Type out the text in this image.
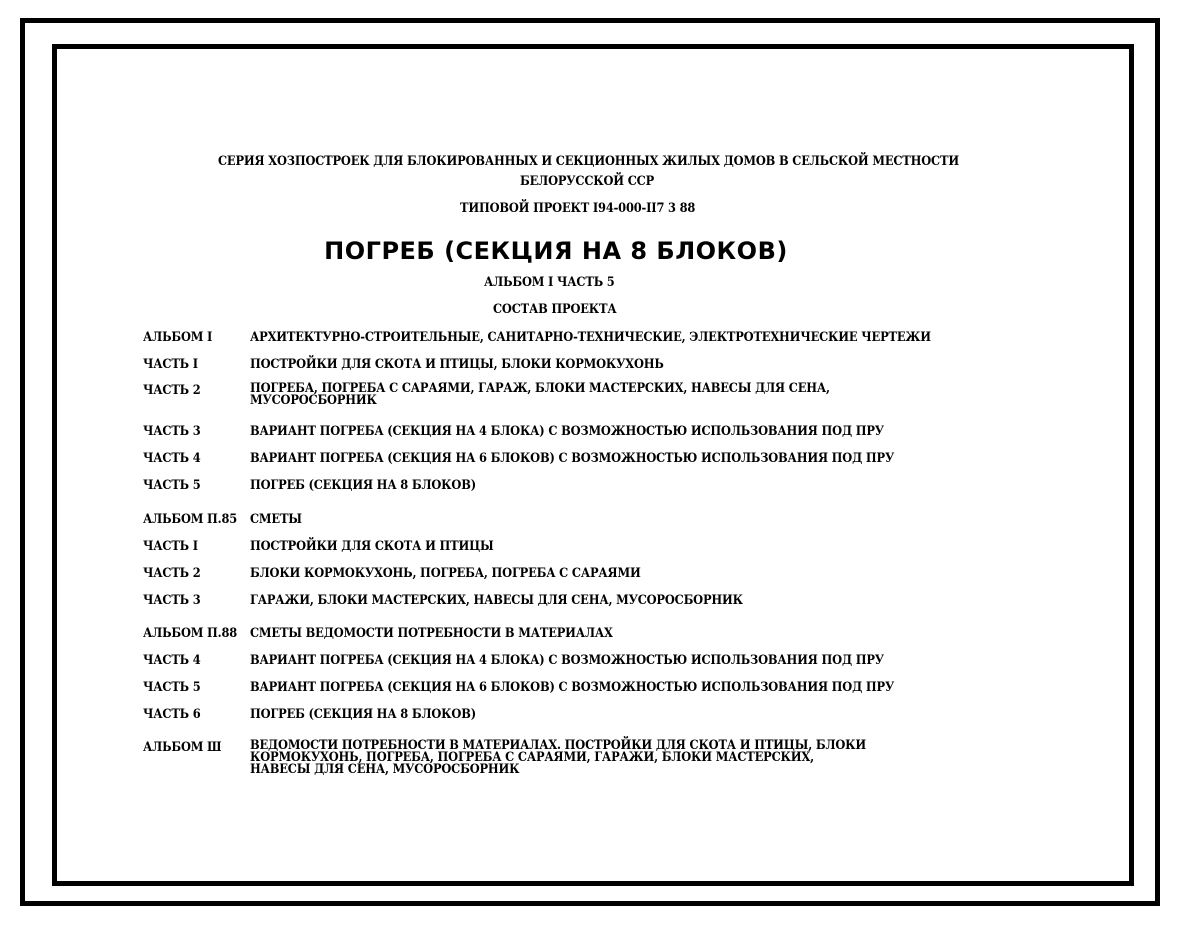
СЕРИЯ ХОЗПОСТРОЕК ДЛЯ БЛОКИРОВАННЫХ И СЕКЦИОННЫХ ЖИЛЫХ ДОМОВ В СЕЛЬСКОЙ МЕСТНОСТИ
БЕЛОРУССКОЙ ССР
ТИПОВОЙ ПРОЕКТ I94-000-II7 3 88
ПОГРЕБ (СЕКЦИЯ НА 8 БЛОКОВ)
АЛЬБОМ I ЧАСТЬ 5
СОСТАВ ПРОЕКТА
АЛЬБОМ I	АРХИТЕКТУРНО-СТРОИТЕЛЬНЫЕ, САНИТАРНО-ТЕХНИЧЕСКИЕ, ЭЛЕКТРОТЕХНИЧЕСКИЕ ЧЕРТЕЖИ
ЧАСТЬ I	ПОСТРОЙКИ ДЛЯ СКОТА И ПТИЦЫ, БЛОКИ КОРМОКУХОНЬ
ЧАСТЬ 2	ПОГРЕБА, ПОГРЕБА С САРАЯМИ, ГАРАЖ, БЛОКИ МАСТЕРСКИХ, НАВЕСЫ ДЛЯ СЕНА,
МУСОРОСБОРНИК
ЧАСТЬ 3	ВАРИАНТ ПОГРЕБА (СЕКЦИЯ НА 4 БЛОКА) С ВОЗМОЖНОСТЬЮ ИСПОЛЬЗОВАНИЯ ПОД ПРУ
ЧАСТЬ 4	ВАРИАНТ ПОГРЕБА (СЕКЦИЯ НА 6 БЛОКОВ) С ВОЗМОЖНОСТЬЮ ИСПОЛЬЗОВАНИЯ ПОД ПРУ
ЧАСТЬ 5	ПОГРЕБ (СЕКЦИЯ НА 8 БЛОКОВ)
АЛЬБОМ П.85 СМЕТЫ
ЧАСТЬ I	ПОСТРОЙКИ ДЛЯ СКОТА И ПТИЦЫ
ЧАСТЬ 2	БЛОКИ КОРМОКУХОНЬ, ПОГРЕБА, ПОГРЕБА С САРАЯМИ
ЧАСТЬ 3	ГАРАЖИ, БЛОКИ МАСТЕРСКИХ, НАВЕСЫ ДЛЯ СЕНА, МУСОРОСБОРНИК
АЛЬБОМ П.88 СМЕТЫ ВЕДОМОСТИ ПОТРЕБНОСТИ В МАТЕРИАЛАХ
ЧАСТЬ 4	ВАРИАНТ ПОГРЕБА (СЕКЦИЯ НА 4 БЛОКА) С ВОЗМОЖНОСТЬЮ ИСПОЛЬЗОВАНИЯ ПОД ПРУ
ЧАСТЬ 5	ВАРИАНТ ПОГРЕБА (СЕКЦИЯ НА 6 БЛОКОВ) С ВОЗМОЖНОСТЬЮ ИСПОЛЬЗОВАНИЯ ПОД ПРУ
ЧАСТЬ 6	ПОГРЕБ (СЕКЦИЯ НА 8 БЛОКОВ)
АЛЬБОМ Ш ВЕДОМОСТИ ПОТРЕБНОСТИ В МАТЕРИАЛАХ. ПОСТРОЙКИ ДЛЯ СКОТА И ПТИЦЫ, БЛОКИ
КОРМОКУХОНЬ, ПОГРЕБА, ПОГРЕБА С САРАЯМИ, ГАРАЖИ, БЛОКИ МАСТЕРСКИХ,
НАВЕСЫ ДЛЯ СЕНА, МУСОРОСБОРНИК
